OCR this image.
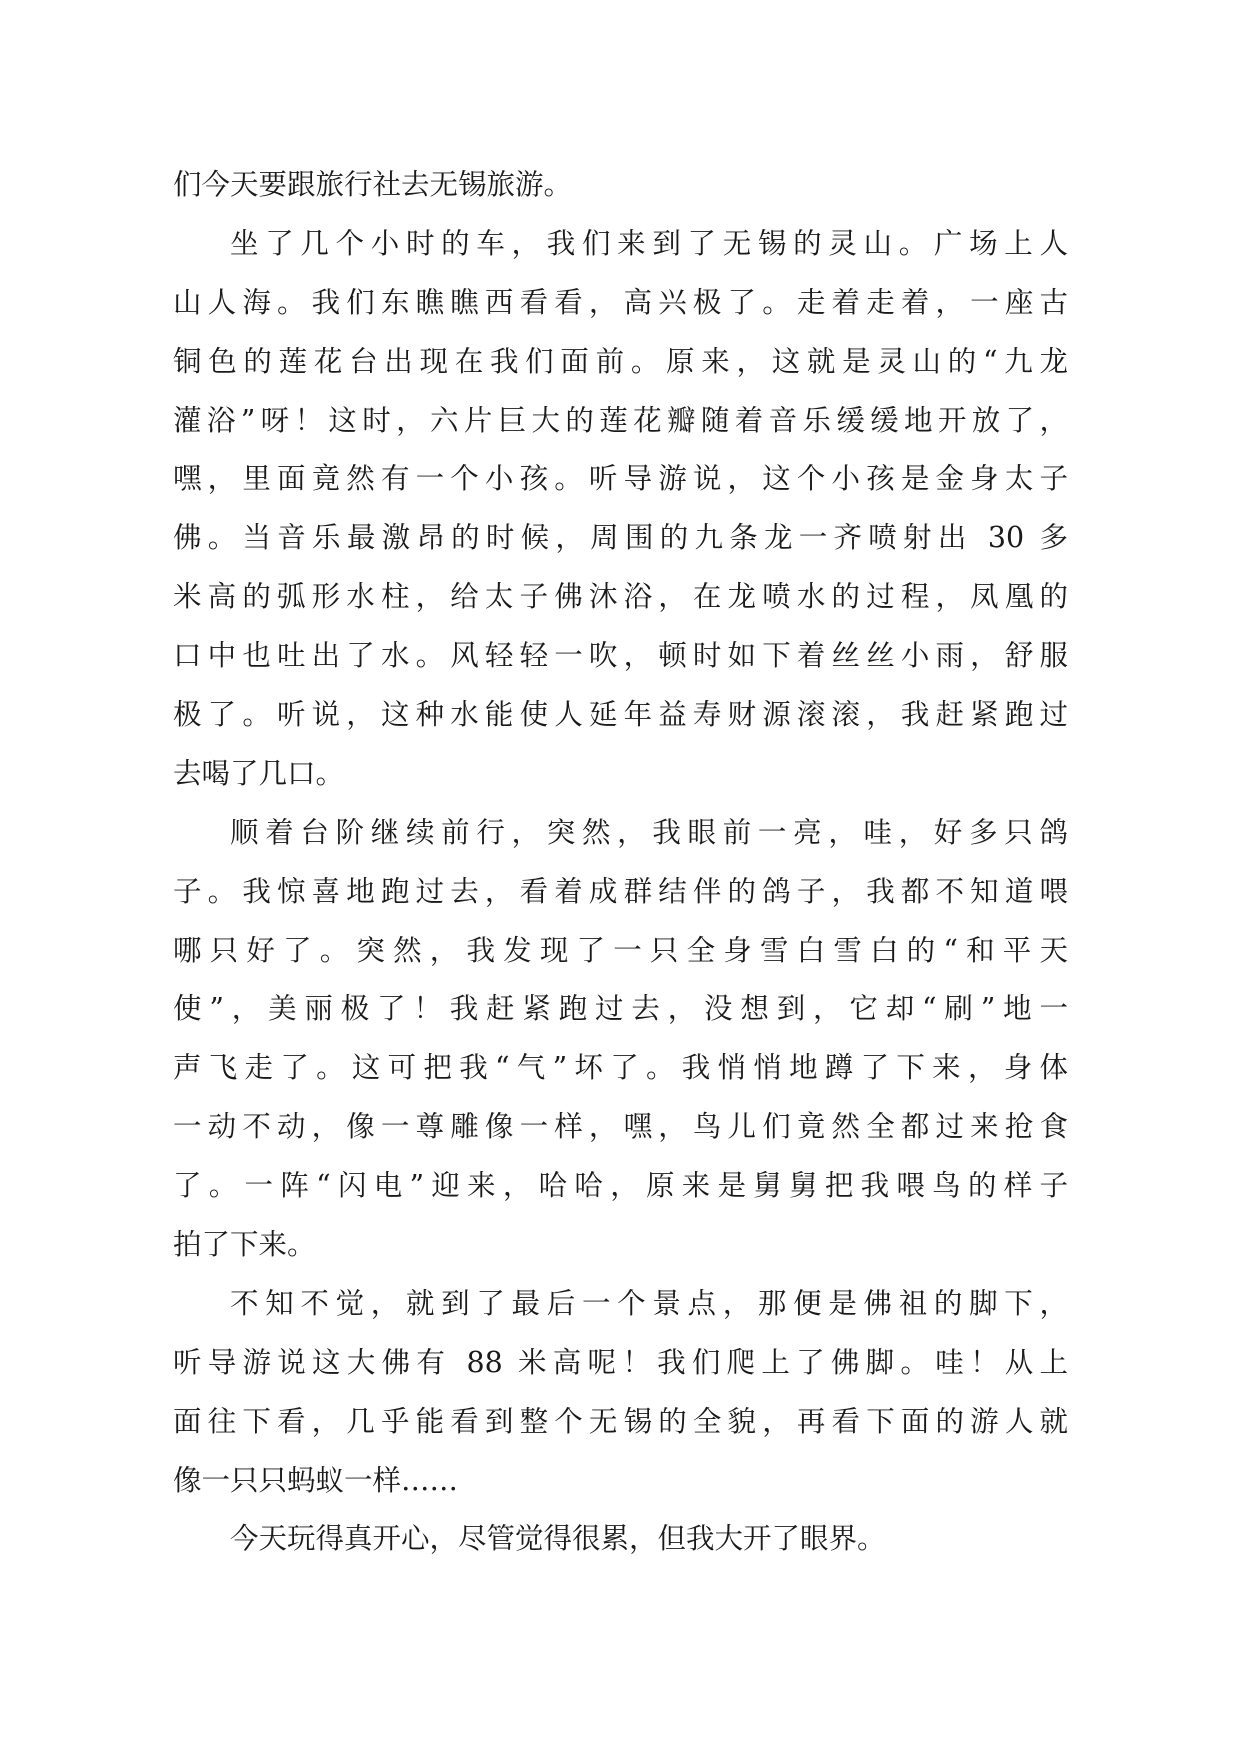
们今天要跟旅行社去无锡旅游。
坐了几个小时的车，我们来到了无锡的灵山。广场上人
山人海。我们东瞧瞧西看看，高兴极了。走着走着，一座古
铜色的莲花台出现在我们面前。原来，这就是灵山的“九龙
灌浴”呀！这时，六片巨大的莲花瓣随着音乐缓缓地开放了，
嘿，里面竟然有一个小孩。听导游说，这个小孩是金身太子
佛。当音乐最激昂的时候，周围的九条龙一齐喷射出 30 多
米高的弧形水柱，给太子佛沐浴，在龙喷水的过程，凤凰的
口中也吐出了水。风轻轻一吹，顿时如下着丝丝小雨，舒服
极了。听说，这种水能使人延年益寿财源滚滚，我赶紧跑过
去喝了几口。
顺着台阶继续前行，突然，我眼前一亮，哇，好多只鸽
子。我惊喜地跑过去，看着成群结伴的鸽子，我都不知道喂
哪只好了。突然，我发现了一只全身雪白雪白的“和平天
使”，美丽极了！我赶紧跑过去，没想到，它却“刷”地一
声飞走了。这可把我“气”坏了。我悄悄地蹲了下来，身体
一动不动，像一尊雕像一样，嘿，鸟儿们竟然全都过来抢食
了。一阵“闪电”迎来，哈哈，原来是舅舅把我喂鸟的样子
拍了下来。
不知不觉，就到了最后一个景点，那便是佛祖的脚下，
听导游说这大佛有 88 米高呢！我们爬上了佛脚。哇！从上
面往下看，几乎能看到整个无锡的全貌，再看下面的游人就
像一只只蚂蚁一样……
今天玩得真开心，尽管觉得很累，但我大开了眼界。
